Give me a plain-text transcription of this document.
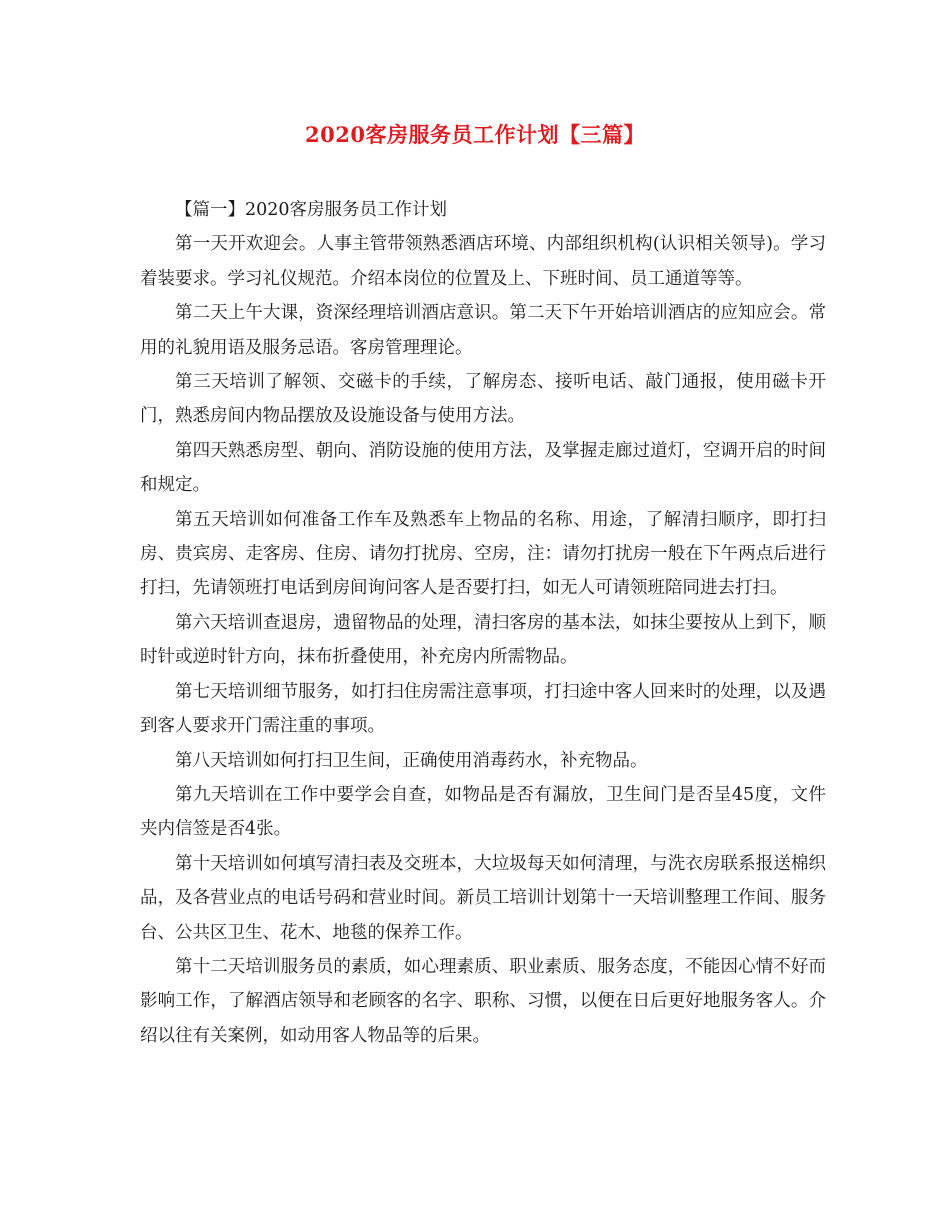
2020客房服务员工作计划【三篇】

【篇一】2020客房服务员工作计划

第一天开欢迎会。人事主管带领熟悉酒店环境、内部组织机构(认识相关领导)。学习着装要求。学习礼仪规范。介绍本岗位的位置及上、下班时间、员工通道等等。

第二天上午大课，资深经理培训酒店意识。第二天下午开始培训酒店的应知应会。常用的礼貌用语及服务忌语。客房管理理论。

第三天培训了解领、交磁卡的手续，了解房态、接听电话、敲门通报，使用磁卡开门，熟悉房间内物品摆放及设施设备与使用方法。

第四天熟悉房型、朝向、消防设施的使用方法，及掌握走廊过道灯，空调开启的时间和规定。

第五天培训如何准备工作车及熟悉车上物品的名称、用途，了解清扫顺序，即打扫房、贵宾房、走客房、住房、请勿打扰房、空房，注：请勿打扰房一般在下午两点后进行打扫，先请领班打电话到房间询问客人是否要打扫，如无人可请领班陪同进去打扫。

第六天培训查退房，遗留物品的处理，清扫客房的基本法，如抹尘要按从上到下，顺时针或逆时针方向，抹布折叠使用，补充房内所需物品。

第七天培训细节服务，如打扫住房需注意事项，打扫途中客人回来时的处理，以及遇到客人要求开门需注重的事项。

第八天培训如何打扫卫生间，正确使用消毒药水，补充物品。

第九天培训在工作中要学会自查，如物品是否有漏放，卫生间门是否呈45度，文件夹内信签是否4张。

第十天培训如何填写清扫表及交班本，大垃圾每天如何清理，与洗衣房联系报送棉织品，及各营业点的电话号码和营业时间。新员工培训计划第十一天培训整理工作间、服务台、公共区卫生、花木、地毯的保养工作。

第十二天培训服务员的素质，如心理素质、职业素质、服务态度，不能因心情不好而影响工作，了解酒店领导和老顾客的名字、职称、习惯，以便在日后更好地服务客人。介绍以往有关案例，如动用客人物品等的后果。
